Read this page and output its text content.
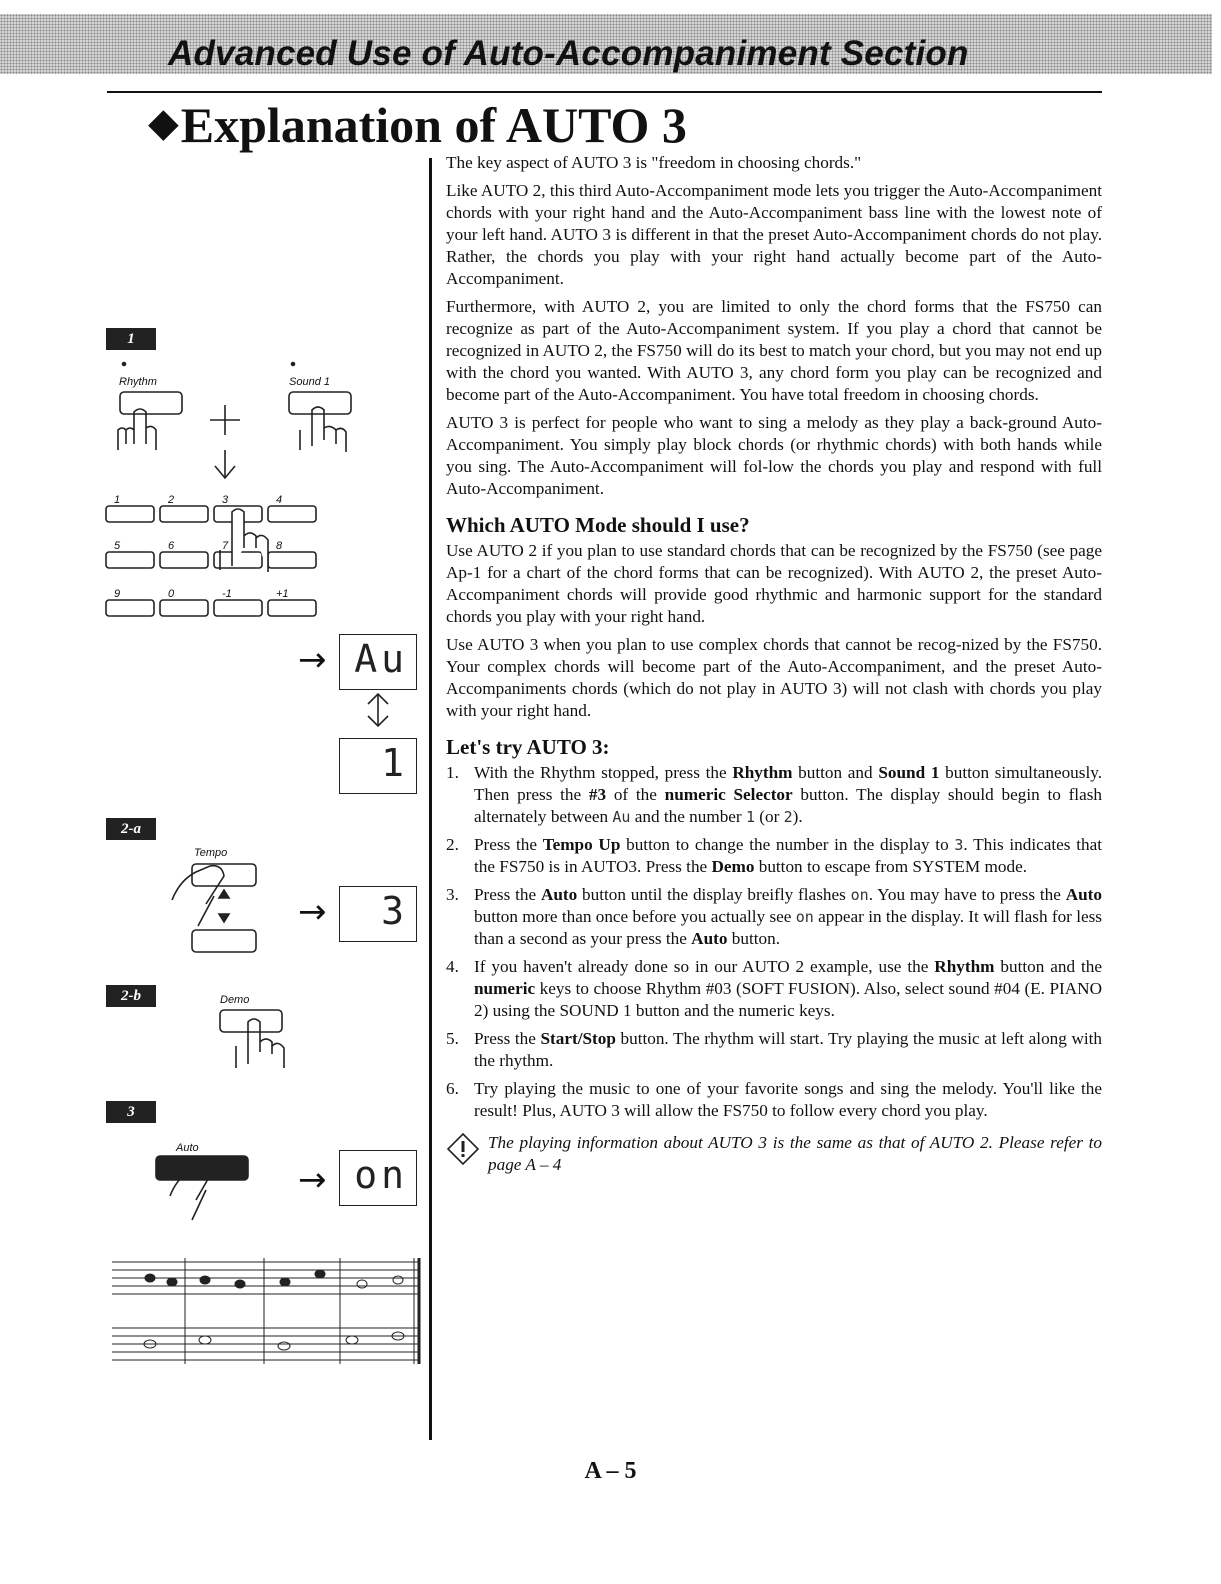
Advanced Use of Auto-Accompaniment Section
◆Explanation of AUTO 3
1
Rhythm	Sound 1
1	2	3	4
5	6	7	8
9	0	-1	+1
→ Au
1
2-a
Tempo
→ 3
2-b	Demo
3
Auto
→ on

The key aspect of AUTO 3 is "freedom in choosing chords."

Like AUTO 2, this third Auto-Accompaniment mode lets you trigger the Auto-Accompaniment chords with your right hand and the Auto-Accompaniment bass line with the lowest note of your left hand. AUTO 3 is different in that the preset Auto-Accompaniment chords do not play. Rather, the chords you play with your right hand actually become part of the Auto-Accompaniment.

Furthermore, with AUTO 2, you are limited to only the chord forms that the FS750 can recognize as part of the Auto-Accompaniment system. If you play a chord that cannot be recognized in AUTO 2, the FS750 will do its best to match your chord, but you may not end up with the chord you wanted. With AUTO 3, any chord form you play can be recognized and become part of the Auto-Accompaniment. You have total freedom in choosing chords.

AUTO 3 is perfect for people who want to sing a melody as they play a back-ground Auto-Accompaniment. You simply play block chords (or rhythmic chords) with both hands while you sing. The Auto-Accompaniment will fol-low the chords you play and respond with full Auto-Accompaniment.

Which AUTO Mode should I use?

Use AUTO 2 if you plan to use standard chords that can be recognized by the FS750 (see page Ap-1 for a chart of the chord forms that can be recognized). With AUTO 2, the preset Auto-Accompaniment chords will provide good rhythmic and harmonic support for the standard chords you play with your right hand.

Use AUTO 3 when you plan to use complex chords that cannot be recog-nized by the FS750. Your complex chords will become part of the Auto-Accompaniment, and the preset Auto-Accompaniments chords (which do not play in AUTO 3) will not clash with chords you play with your right hand.

Let's try AUTO 3:
1. With the Rhythm stopped, press the Rhythm button and Sound 1 button simultaneously. Then press the #3 of the numeric Selector button. The display should begin to flash alternately between Au and the number 1 (or 2).
2. Press the Tempo Up button to change the number in the display to 3. This indicates that the FS750 is in AUTO3. Press the Demo button to escape from SYSTEM mode.
3. Press the Auto button until the display breifly flashes on. You may have to press the Auto button more than once before you actually see on appear in the display. It will flash for less than a second as your press the Auto button.
4. If you haven't already done so in our AUTO 2 example, use the Rhythm button and the numeric keys to choose Rhythm #03 (SOFT FUSION). Also, select sound #04 (E. PIANO 2) using the SOUND 1 button and the numeric keys.
5. Press the Start/Stop button. The rhythm will start. Try playing the music at left along with the rhythm.
6. Try playing the music to one of your favorite songs and sing the melody. You'll like the result! Plus, AUTO 3 will allow the FS750 to follow every chord you play.
The playing information about AUTO 3 is the same as that of AUTO 2. Please refer to page A – 4
A – 5
